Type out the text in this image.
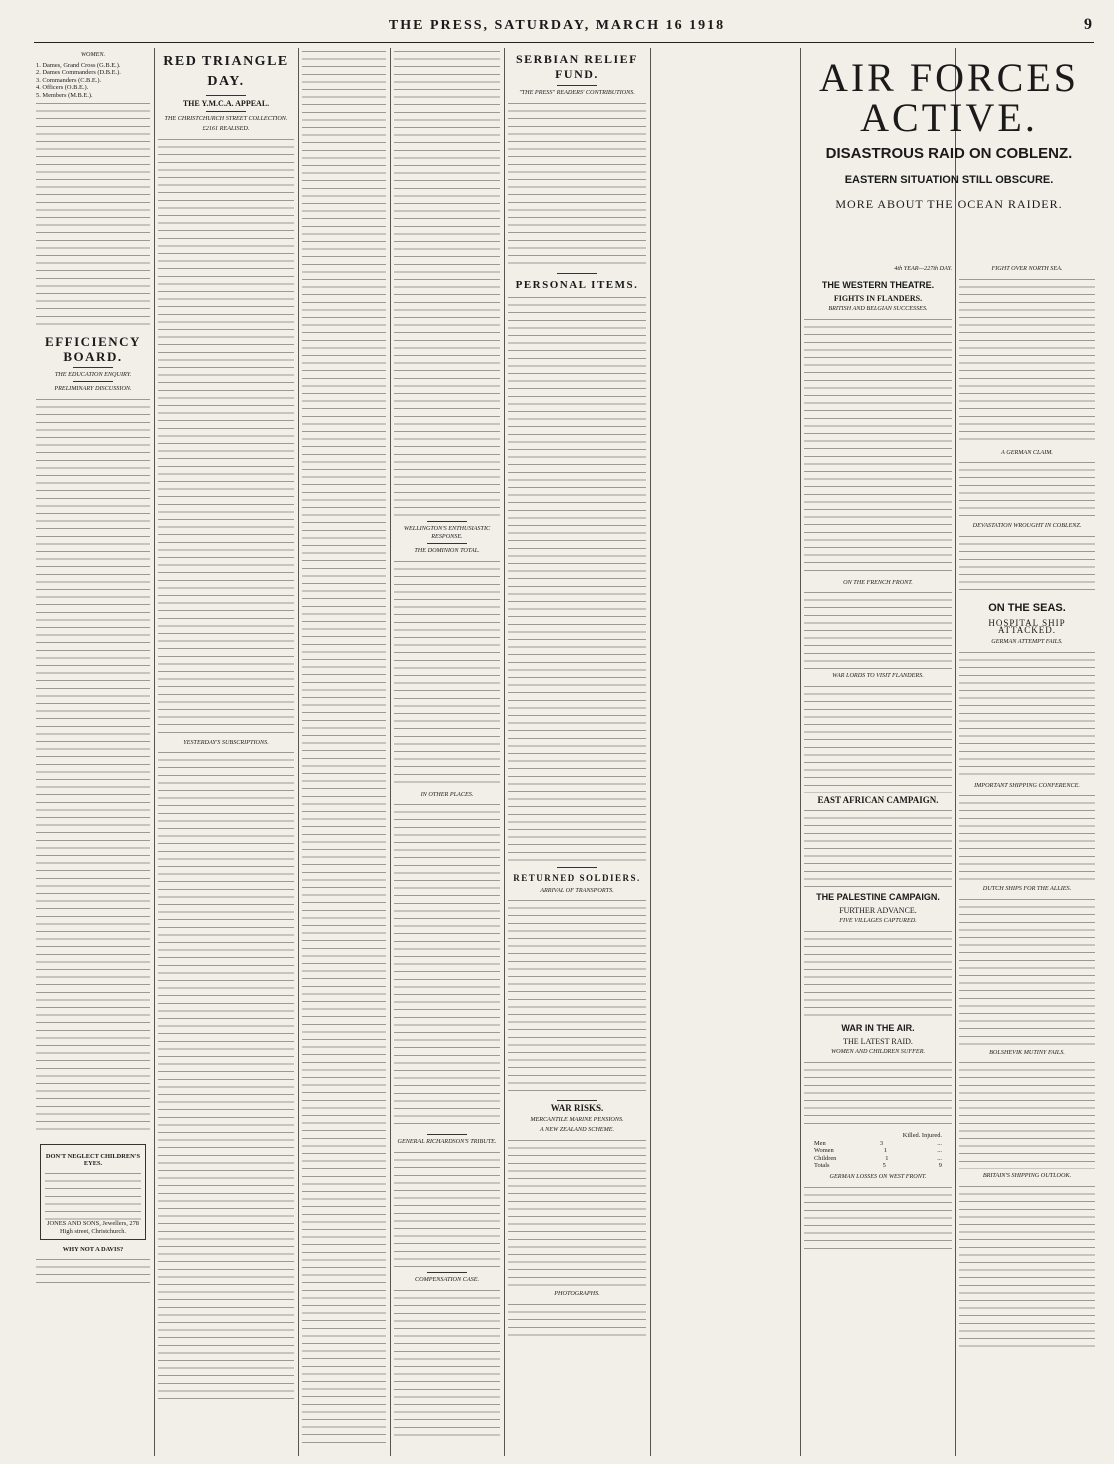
THE PRESS, SATURDAY, MARCH 16 1918	9
WOMEN.
1. Dames, Grand Cross (G.B.E.).
2. Dames Commanders (D.B.E.).
3. Commanders (C.B.E.).
4. Officers (O.B.E.).
5. Members (M.B.E.).
EFFICIENCY BOARD.
THE EDUCATION ENQUIRY.
PRELIMINARY DISCUSSION.
DON'T NEGLECT CHILDREN'S EYES.
JONES AND SONS, Jewellers, 278 High street, Christchurch.
WHY NOT A DAVIS?
RED TRIANGLE DAY.
THE Y.M.C.A. APPEAL.
THE CHRISTCHURCH STREET COLLECTION.
£2161 REALISED.
YESTERDAY'S SUBSCRIPTIONS.
WELLINGTON'S ENTHUSIASTIC RESPONSE.
THE DOMINION TOTAL.
IN OTHER PLACES.
GENERAL RICHARDSON'S TRIBUTE.
COMPENSATION CASE.
SERBIAN RELIEF FUND.
"THE PRESS" READERS' CONTRIBUTIONS.
PERSONAL ITEMS.
RETURNED SOLDIERS.
ARRIVAL OF TRANSPORTS.
WAR RISKS.
MERCANTILE MARINE PENSIONS.
A NEW ZEALAND SCHEME.
PHOTOGRAPHS.
AIR FORCES ACTIVE.
DISASTROUS RAID ON COBLENZ.
EASTERN SITUATION STILL OBSCURE.
MORE ABOUT THE OCEAN RAIDER.
4th YEAR—227th DAY.
THE WESTERN THEATRE.
FIGHTS IN FLANDERS.
BRITISH AND BELGIAN SUCCESSES.
ON THE FRENCH FRONT.
WAR LORDS TO VISIT FLANDERS.
EAST AFRICAN CAMPAIGN.
THE PALESTINE CAMPAIGN.
FURTHER ADVANCE.
FIVE VILLAGES CAPTURED.
WAR IN THE AIR.
THE LATEST RAID.
WOMEN AND CHILDREN SUFFER.
Killed. Injured.
Men	3	...
Women	1	...
Children	1	...
Totals	5	9
GERMAN LOSSES ON WEST FRONT.
FIGHT OVER NORTH SEA.
A GERMAN CLAIM.
DEVASTATION WROUGHT IN COBLENZ.
ON THE SEAS.
HOSPITAL SHIP ATTACKED.
GERMAN ATTEMPT FAILS.
IMPORTANT SHIPPING CONFERENCE.
DUTCH SHIPS FOR THE ALLIES.
BOLSHEVIK MUTINY FAILS.
BRITAIN'S SHIPPING OUTLOOK.
